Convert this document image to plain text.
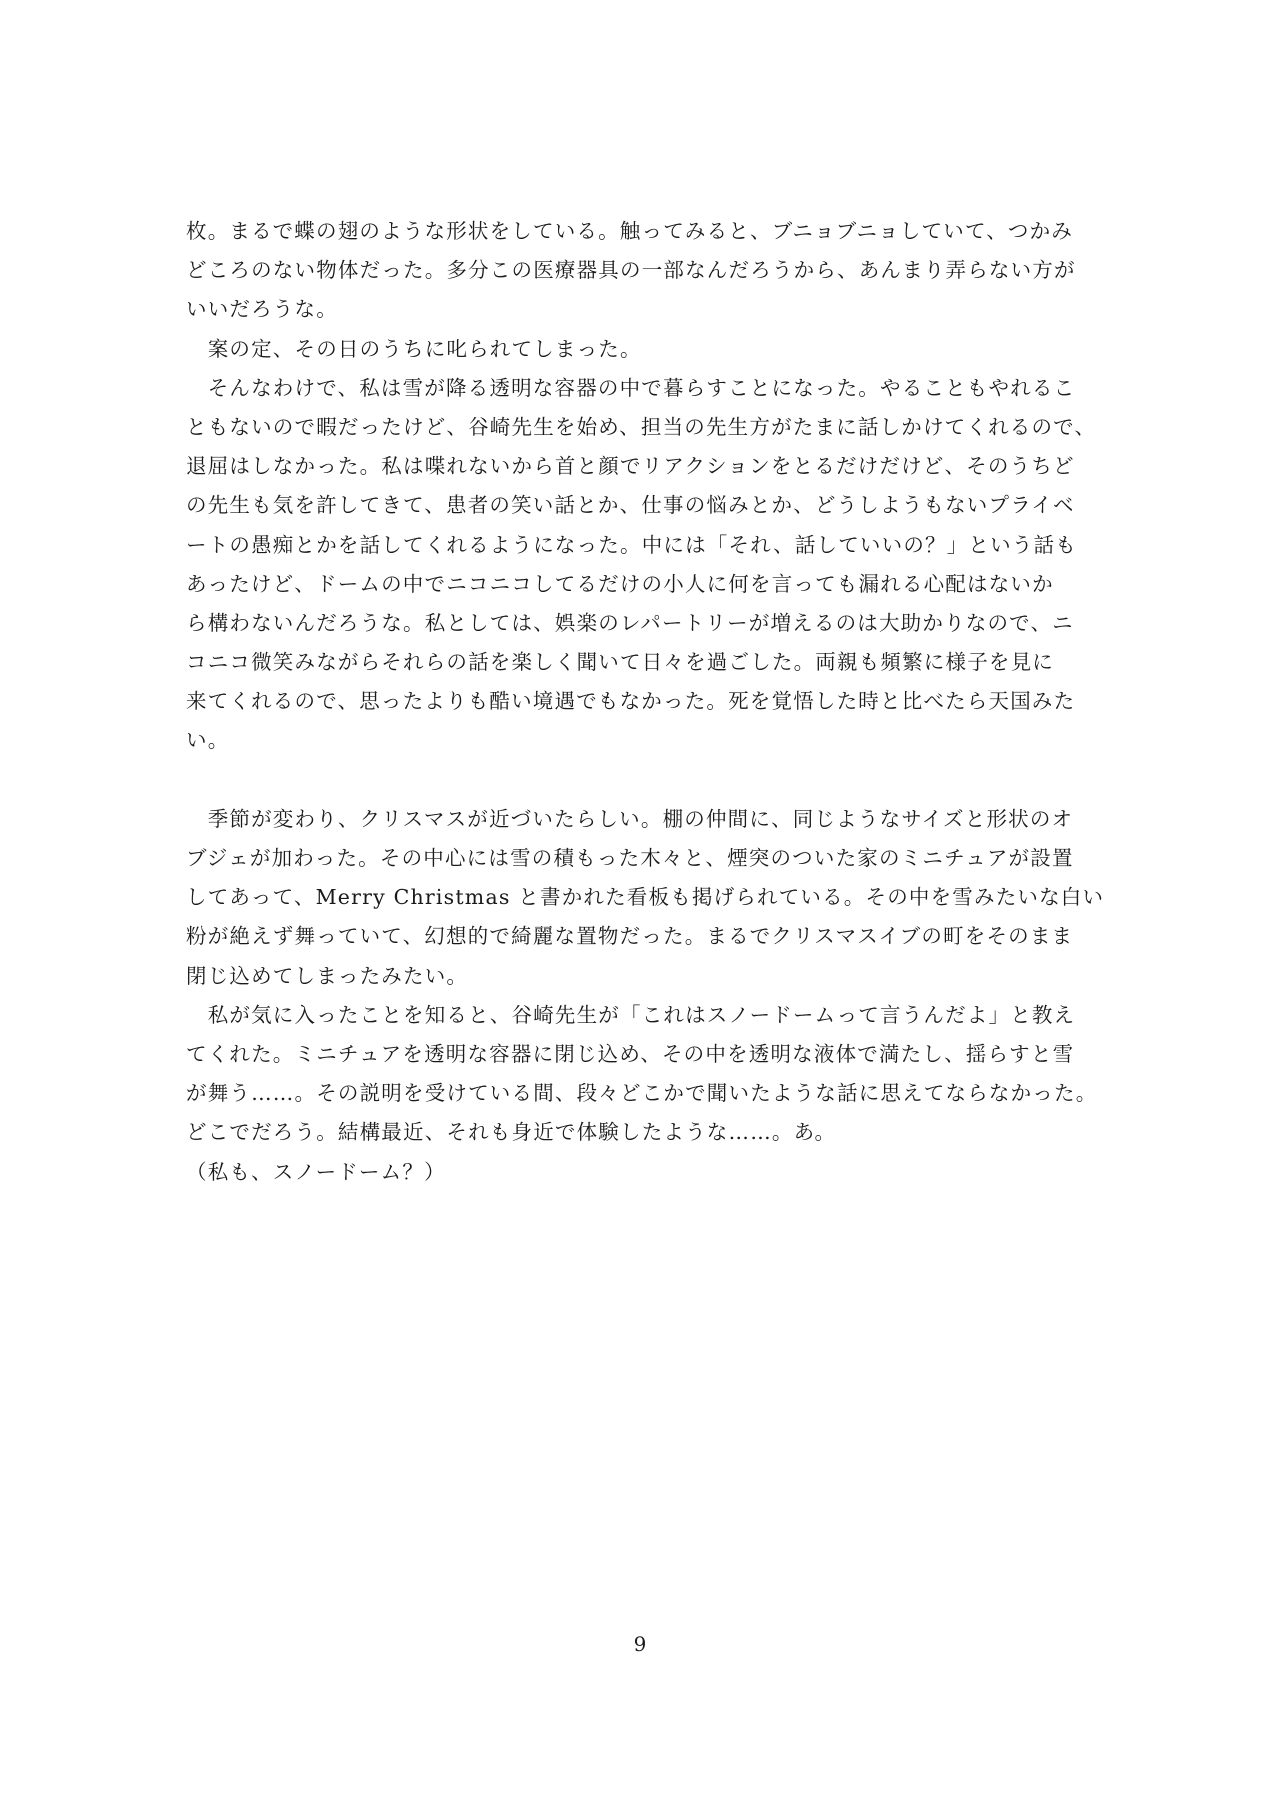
枚。まるで蝶の翅のような形状をしている。触ってみると、ブニョブニョしていて、つかみ
どころのない物体だった。多分この医療器具の一部なんだろうから、あんまり弄らない方が
いいだろうな。
　案の定、その日のうちに叱られてしまった。
　そんなわけで、私は雪が降る透明な容器の中で暮らすことになった。やることもやれるこ
ともないので暇だったけど、谷崎先生を始め、担当の先生方がたまに話しかけてくれるので、
退屈はしなかった。私は喋れないから首と顔でリアクションをとるだけだけど、そのうちど
の先生も気を許してきて、患者の笑い話とか、仕事の悩みとか、どうしようもないプライベ
ートの愚痴とかを話してくれるようになった。中には「それ、話していいの？」という話も
あったけど、ドームの中でニコニコしてるだけの小人に何を言っても漏れる心配はないか
ら構わないんだろうな。私としては、娯楽のレパートリーが増えるのは大助かりなので、ニ
コニコ微笑みながらそれらの話を楽しく聞いて日々を過ごした。両親も頻繁に様子を見に
来てくれるので、思ったよりも酷い境遇でもなかった。死を覚悟した時と比べたら天国みた
い。
　季節が変わり、クリスマスが近づいたらしい。棚の仲間に、同じようなサイズと形状のオ
ブジェが加わった。その中心には雪の積もった木々と、煙突のついた家のミニチュアが設置
してあって、Merry Christmas と書かれた看板も掲げられている。その中を雪みたいな白い
粉が絶えず舞っていて、幻想的で綺麗な置物だった。まるでクリスマスイブの町をそのまま
閉じ込めてしまったみたい。
　私が気に入ったことを知ると、谷崎先生が「これはスノードームって言うんだよ」と教え
てくれた。ミニチュアを透明な容器に閉じ込め、その中を透明な液体で満たし、揺らすと雪
が舞う……。その説明を受けている間、段々どこかで聞いたような話に思えてならなかった。
どこでだろう。結構最近、それも身近で体験したような……。あ。
（私も、スノードーム？）
9
